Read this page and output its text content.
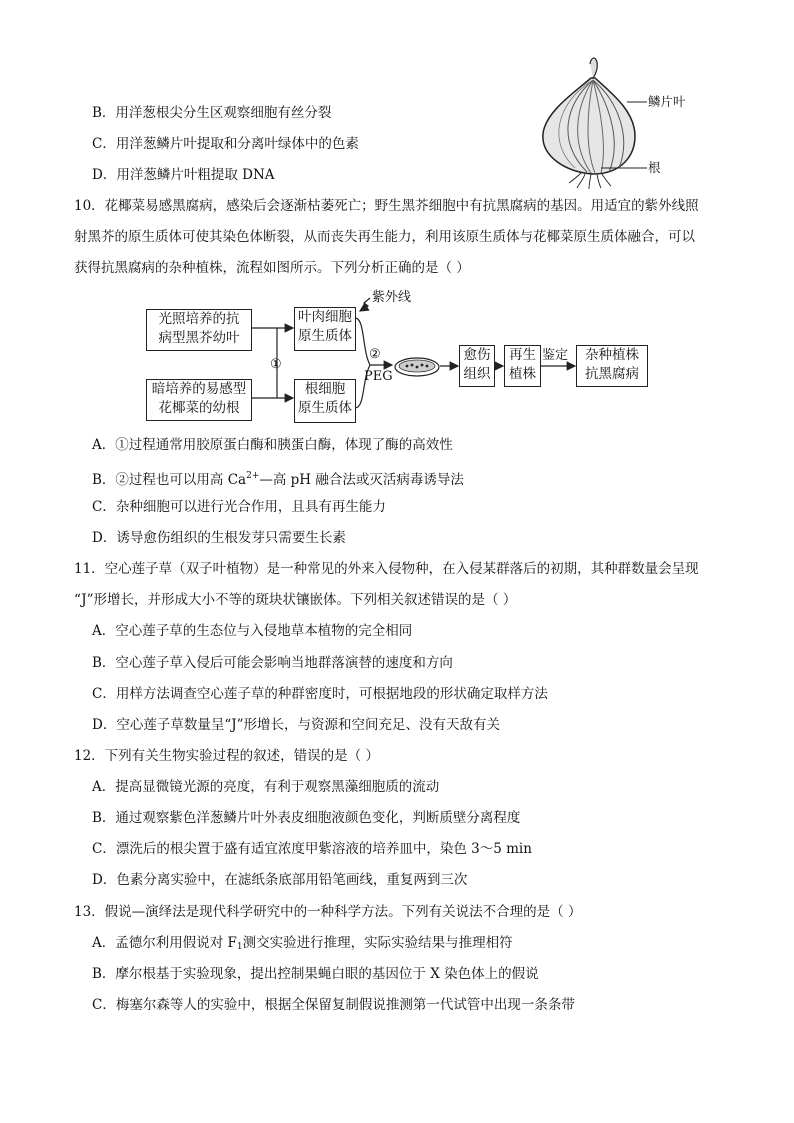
B．用洋葱根尖分生区观察细胞有丝分裂
C．用洋葱鳞片叶提取和分离叶绿体中的色素
D．用洋葱鳞片叶粗提取 DNA
鳞片叶
根
10．花椰菜易感黑腐病，感染后会逐渐枯萎死亡；野生黑芥细胞中有抗黑腐病的基因。用适宜的紫外线照
射黑芥的原生质体可使其染色体断裂，从而丧失再生能力，利用该原生质体与花椰菜原生质体融合，可以
获得抗黑腐病的杂种植株，流程如图所示。下列分析正确的是（ ）
光照培养的抗
病型黑芥幼叶
暗培养的易感型
花椰菜的幼根
叶肉细胞
原生质体
根细胞
原生质体
①
紫外线
②
PEG
愈伤
组织
再生
植株
鉴定	杂种植株
抗黑腐病
A．①过程通常用胶原蛋白酶和胰蛋白酶，体现了酶的高效性
B．②过程也可以用高 $Ca^{2+}—$高 pH 融合法或灭活病毒诱导法
C．杂种细胞可以进行光合作用，且具有再生能力
D．诱导愈伤组织的生根发芽只需要生长素
11．空心莲子草（双子叶植物）是一种常见的外来入侵物种，在入侵某群落后的初期，其种群数量会呈现
“J”形增长，并形成大小不等的斑块状镶嵌体。下列相关叙述错误的是（ ）
A．空心莲子草的生态位与入侵地草本植物的完全相同
B．空心莲子草入侵后可能会影响当地群落演替的速度和方向
C．用样方法调查空心莲子草的种群密度时，可根据地段的形状确定取样方法
D．空心莲子草数量呈“J”形增长，与资源和空间充足、没有天敌有关
12．下列有关生物实验过程的叙述，错误的是（ ）
A．提高显微镜光源的亮度，有利于观察黑藻细胞质的流动
B．通过观察紫色洋葱鳞片叶外表皮细胞液颜色变化，判断质壁分离程度
C．漂洗后的根尖置于盛有适宜浓度甲紫溶液的培养皿中，染色 3～5 min
D．色素分离实验中，在滤纸条底部用铅笔画线，重复两到三次
13．假说—演绎法是现代科学研究中的一种科学方法。下列有关说法不合理的是（ ）
A．孟德尔利用假说对 $F_1$测交实验进行推理，实际实验结果与推理相符
B．摩尔根基于实验现象，提出控制果蝇白眼的基因位于 X 染色体上的假说
C．梅塞尔森等人的实验中，根据全保留复制假说推测第一代试管中出现一条条带
